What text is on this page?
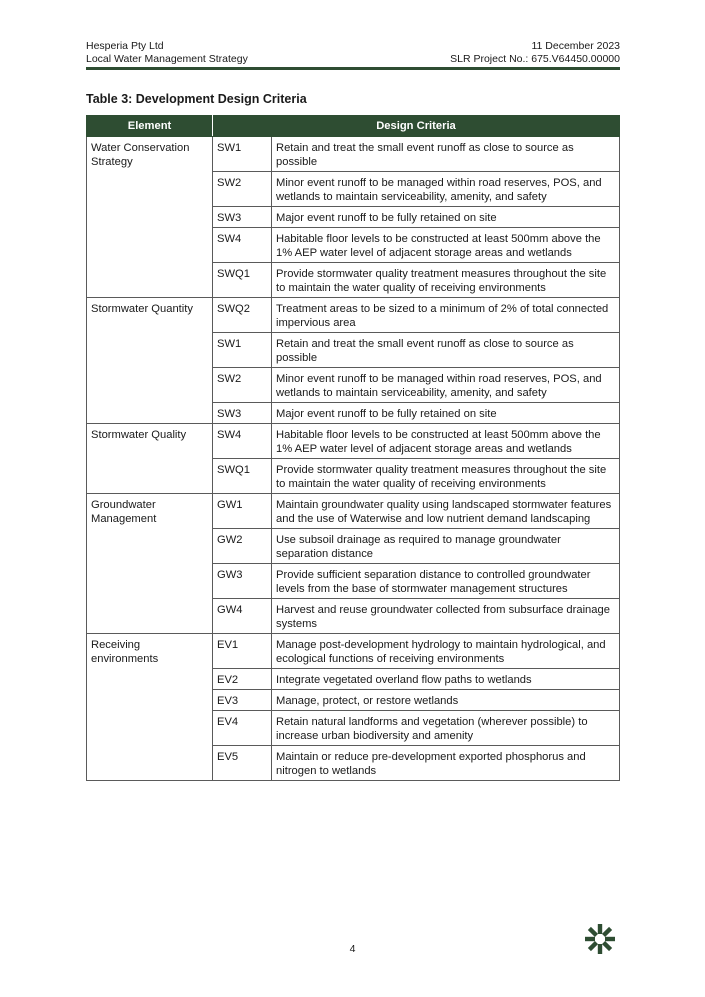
Hesperia Pty Ltd
Local Water Management Strategy
11 December 2023
SLR Project No.: 675.V64450.00000
Table 3: Development Design Criteria
Element	Design Criteria	
Water Conservation Strategy	SW1	Retain and treat the small event runoff as close to source as possible
	SW2	Minor event runoff to be managed within road reserves, POS, and wetlands to maintain serviceability, amenity, and safety
	SW3	Major event runoff to be fully retained on site
	SW4	Habitable floor levels to be constructed at least 500mm above the 1% AEP water level of adjacent storage areas and wetlands
	SWQ1	Provide stormwater quality treatment measures throughout the site to maintain the water quality of receiving environments
Stormwater Quantity	SWQ2	Treatment areas to be sized to a minimum of 2% of total connected impervious area
	SW1	Retain and treat the small event runoff as close to source as possible
	SW2	Minor event runoff to be managed within road reserves, POS, and wetlands to maintain serviceability, amenity, and safety
	SW3	Major event runoff to be fully retained on site
Stormwater Quality	SW4	Habitable floor levels to be constructed at least 500mm above the 1% AEP water level of adjacent storage areas and wetlands
	SWQ1	Provide stormwater quality treatment measures throughout the site to maintain the water quality of receiving environments
Groundwater Management	GW1	Maintain groundwater quality using landscaped stormwater features and the use of Waterwise and low nutrient demand landscaping
	GW2	Use subsoil drainage as required to manage groundwater separation distance
	GW3	Provide sufficient separation distance to controlled groundwater levels from the base of stormwater management structures
	GW4	Harvest and reuse groundwater collected from subsurface drainage systems
Receiving environments	EV1	Manage post-development hydrology to maintain hydrological, and ecological functions of receiving environments
	EV2	Integrate vegetated overland flow paths to wetlands
	EV3	Manage, protect, or restore wetlands
	EV4	Retain natural landforms and vegetation (wherever possible) to increase urban biodiversity and amenity
	EV5	Maintain or reduce pre-development exported phosphorus and nitrogen to wetlands
4
